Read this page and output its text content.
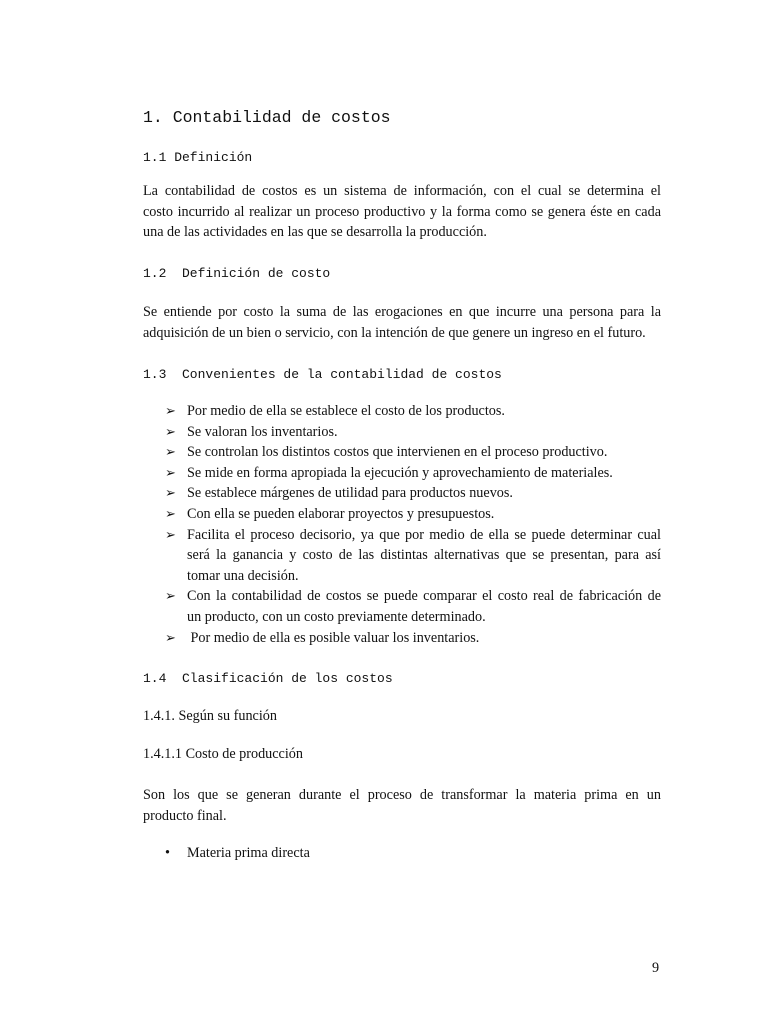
1. Contabilidad de costos
1.1 Definición
La contabilidad de costos es un sistema de información, con el cual se determina el
costo incurrido al realizar un proceso productivo y la forma como se genera éste en cada
una de las actividades en las que se desarrolla la producción.
1.2  Definición de costo
Se entiende por costo la suma de las erogaciones en que incurre una persona para la
adquisición de un bien o servicio, con la intención de que genere un ingreso en el futuro.
1.3  Convenientes de la contabilidad de costos
➢ Por medio de ella se establece el costo de los productos.
➢ Se valoran los inventarios.
➢ Se controlan los distintos costos que intervienen en el proceso productivo.
➢ Se mide en forma apropiada la ejecución y aprovechamiento de materiales.
➢ Se establece márgenes de utilidad para productos nuevos.
➢ Con ella se pueden elaborar proyectos y presupuestos.
➢ Facilita el proceso decisorio, ya que por medio de ella se puede determinar cual
será la ganancia y costo de las distintas alternativas que se presentan, para así
tomar una decisión.
➢ Con la contabilidad de costos se puede comparar el costo real de fabricación de
un producto, con un costo previamente determinado.
➢ Por medio de ella es posible valuar los inventarios.
1.4  Clasificación de los costos
1.4.1. Según su función
1.4.1.1 Costo de producción
Son los que se generan durante el proceso de transformar la materia prima en un
producto final.
• Materia prima directa
9
